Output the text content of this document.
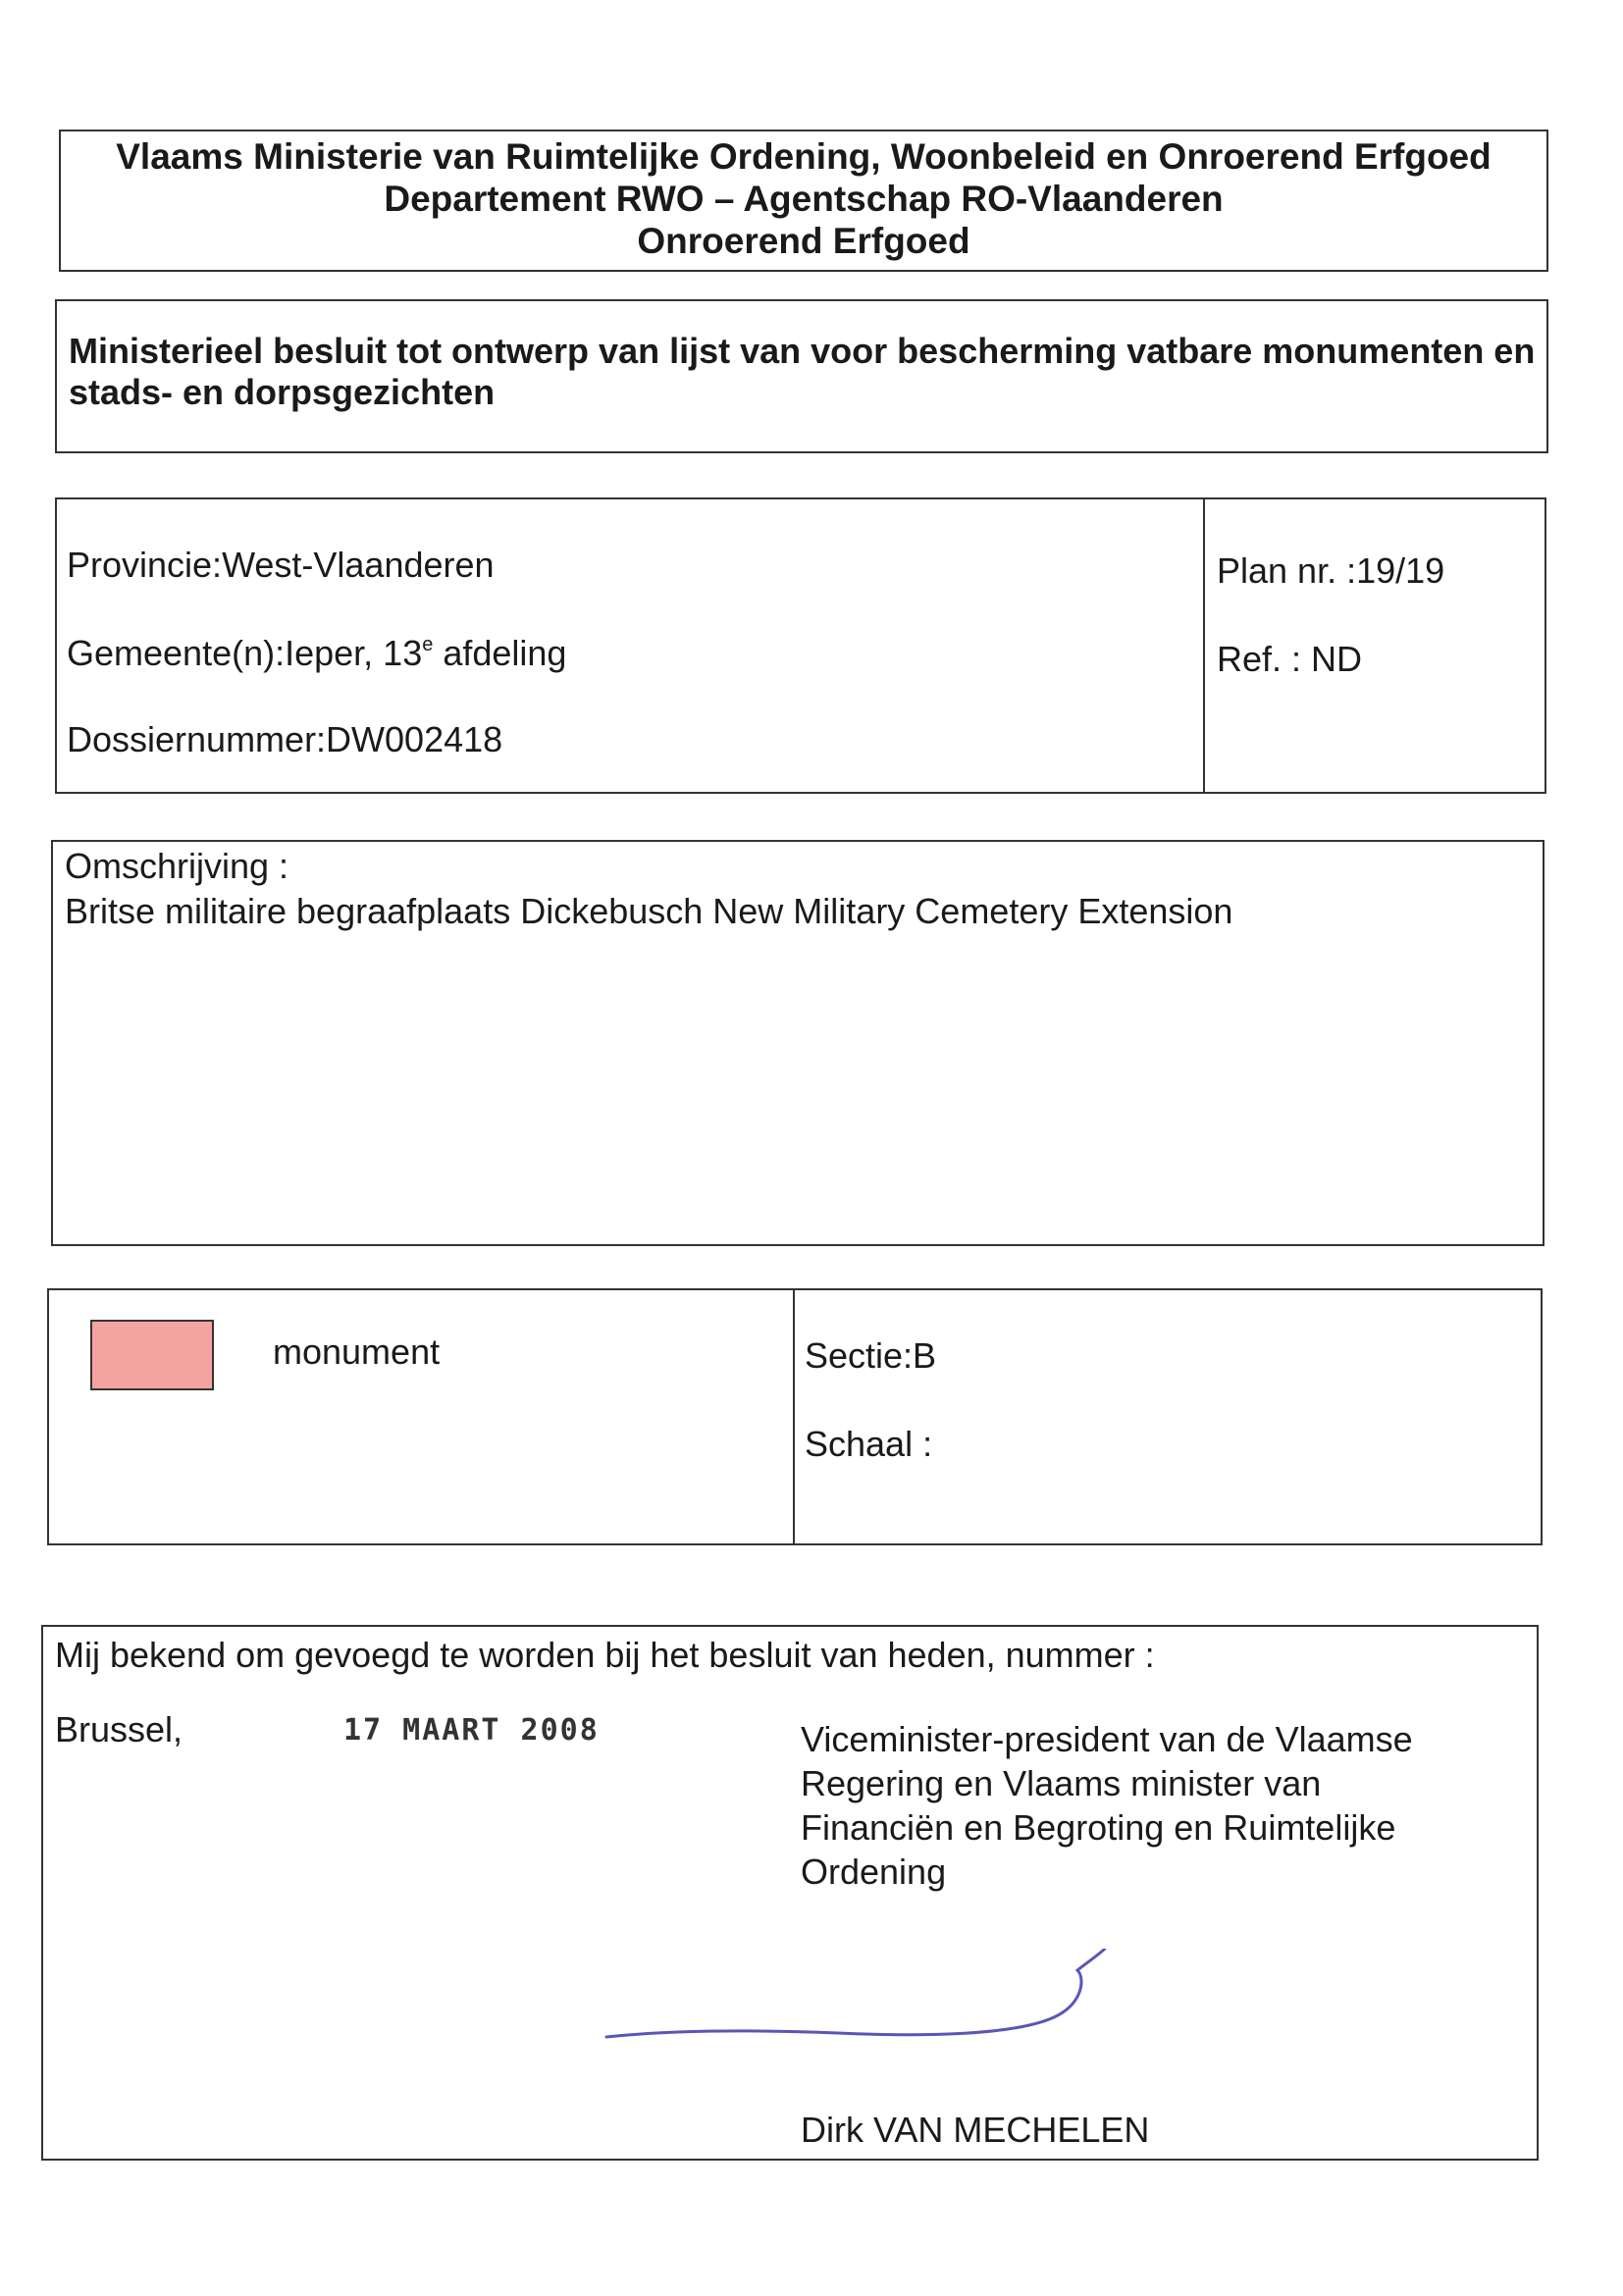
Vlaams Ministerie van Ruimtelijke Ordening, Woonbeleid en Onroerend Erfgoed
Departement RWO – Agentschap RO-Vlaanderen
Onroerend Erfgoed
Ministerieel besluit tot ontwerp van lijst van voor bescherming vatbare monumenten en stads- en dorpsgezichten
Provincie:West-Vlaanderen
Gemeente(n):Ieper, 13e afdeling
Dossiernummer:DW002418
Plan nr. :19/19
Ref. : ND
Omschrijving :
Britse militaire begraafplaats Dickebusch New Military Cemetery Extension
monument	Sectie:B
Schaal :
Mij bekend om gevoegd te worden bij het besluit van heden, nummer :
Brussel,	17 MAART 2008	Viceminister-president van de Vlaamse
Regering en Vlaams minister van
Financiën en Begroting en Ruimtelijke
Ordening
Dirk VAN MECHELEN
